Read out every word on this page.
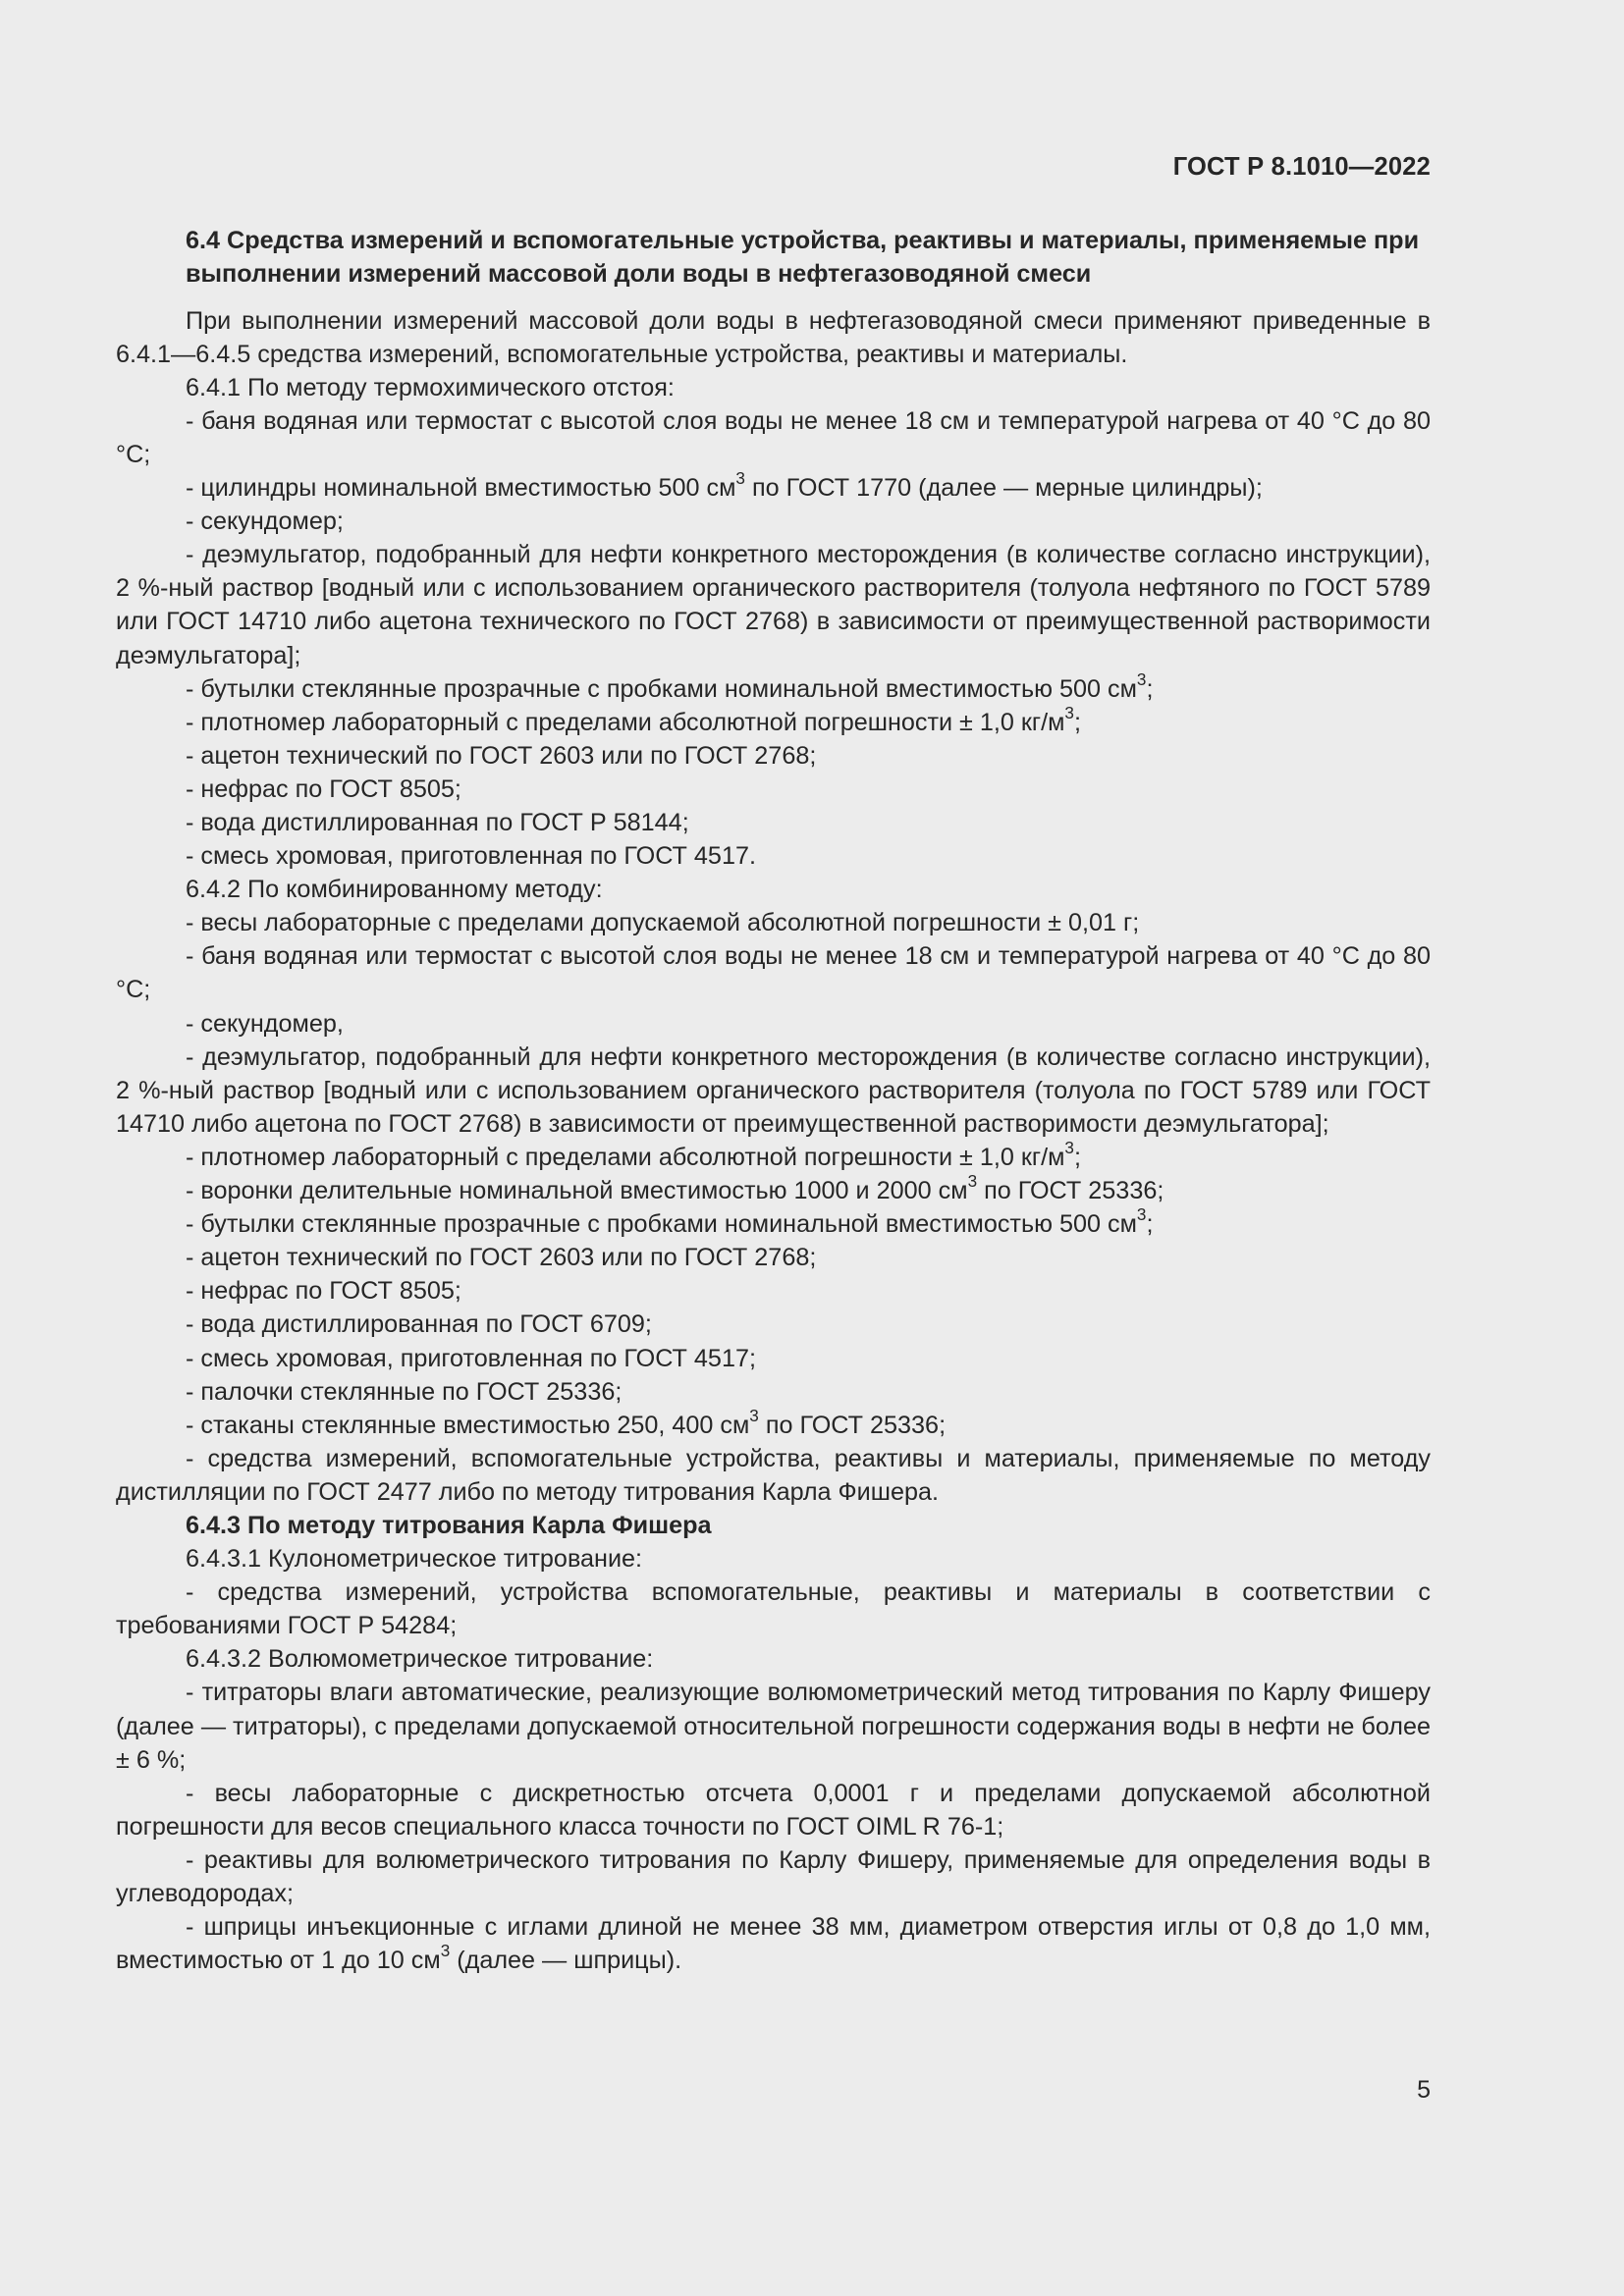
ГОСТ Р 8.1010—2022
6.4 Средства измерений и вспомогательные устройства, реактивы и материалы, применяемые при выполнении измерений массовой доли воды в нефтегазоводяной смеси

При выполнении измерений массовой доли воды в нефтегазоводяной смеси применяют приведенные в 6.4.1—6.4.5 средства измерений, вспомогательные устройства, реактивы и материалы.

6.4.1 По методу термохимического отстоя:

- баня водяная или термостат с высотой слоя воды не менее 18 см и температурой нагрева от 40 °С до 80 °С;

- цилиндры номинальной вместимостью 500 $см^3$ по ГОСТ 1770 (далее — мерные цилиндры);

- секундомер;

- деэмульгатор, подобранный для нефти конкретного месторождения (в количестве согласно инструкции), 2 %-ный раствор [водный или с использованием органического растворителя (толуола нефтяного по ГОСТ 5789 или ГОСТ 14710 либо ацетона технического по ГОСТ 2768) в зависимости от преимущественной растворимости деэмульгатора];

- бутылки стеклянные прозрачные с пробками номинальной вместимостью 500 $см^3$;

- плотномер лабораторный с пределами абсолютной погрешности ± 1,0 $кг/м^3$;

- ацетон технический по ГОСТ 2603 или по ГОСТ 2768;

- нефрас по ГОСТ 8505;

- вода дистиллированная по ГОСТ Р 58144;

- смесь хромовая, приготовленная по ГОСТ 4517.

6.4.2 По комбинированному методу:

- весы лабораторные с пределами допускаемой абсолютной погрешности ± 0,01 г;

- баня водяная или термостат с высотой слоя воды не менее 18 см и температурой нагрева от 40 °С до 80 °С;

- секундомер,

- деэмульгатор, подобранный для нефти конкретного месторождения (в количестве согласно инструкции), 2 %-ный раствор [водный или с использованием органического растворителя (толуола по ГОСТ 5789 или ГОСТ 14710 либо ацетона по ГОСТ 2768) в зависимости от преимущественной растворимости деэмульгатора];

- плотномер лабораторный с пределами абсолютной погрешности ± 1,0 $кг/м^3$;

- воронки делительные номинальной вместимостью 1000 и 2000 $см^3$ по ГОСТ 25336;

- бутылки стеклянные прозрачные с пробками номинальной вместимостью 500 $см^3$;

- ацетон технический по ГОСТ 2603 или по ГОСТ 2768;

- нефрас по ГОСТ 8505;

- вода дистиллированная по ГОСТ 6709;

- смесь хромовая, приготовленная по ГОСТ 4517;

- палочки стеклянные по ГОСТ 25336;

- стаканы стеклянные вместимостью 250, 400 $см^3$ по ГОСТ 25336;

- средства измерений, вспомогательные устройства, реактивы и материалы, применяемые по методу дистилляции по ГОСТ 2477 либо по методу титрования Карла Фишера.

6.4.3 По методу титрования Карла Фишера

6.4.3.1 Кулонометрическое титрование:

- средства измерений, устройства вспомогательные, реактивы и материалы в соответствии с требованиями ГОСТ Р 54284;

6.4.3.2 Волюмометрическое титрование:

- титраторы влаги автоматические, реализующие волюмометрический метод титрования по Карлу Фишеру (далее — титраторы), с пределами допускаемой относительной погрешности содержания воды в нефти не более ± 6 %;

- весы лабораторные с дискретностью отсчета 0,0001 г и пределами допускаемой абсолютной погрешности для весов специального класса точности по ГОСТ OIML R 76-1;

- реактивы для волюметрического титрования по Карлу Фишеру, применяемые для определения воды в углеводородах;

- шприцы инъекционные с иглами длиной не менее 38 мм, диаметром отверстия иглы от 0,8 до 1,0 мм, вместимостью от 1 до 10 $см^3$ (далее — шприцы).

5
